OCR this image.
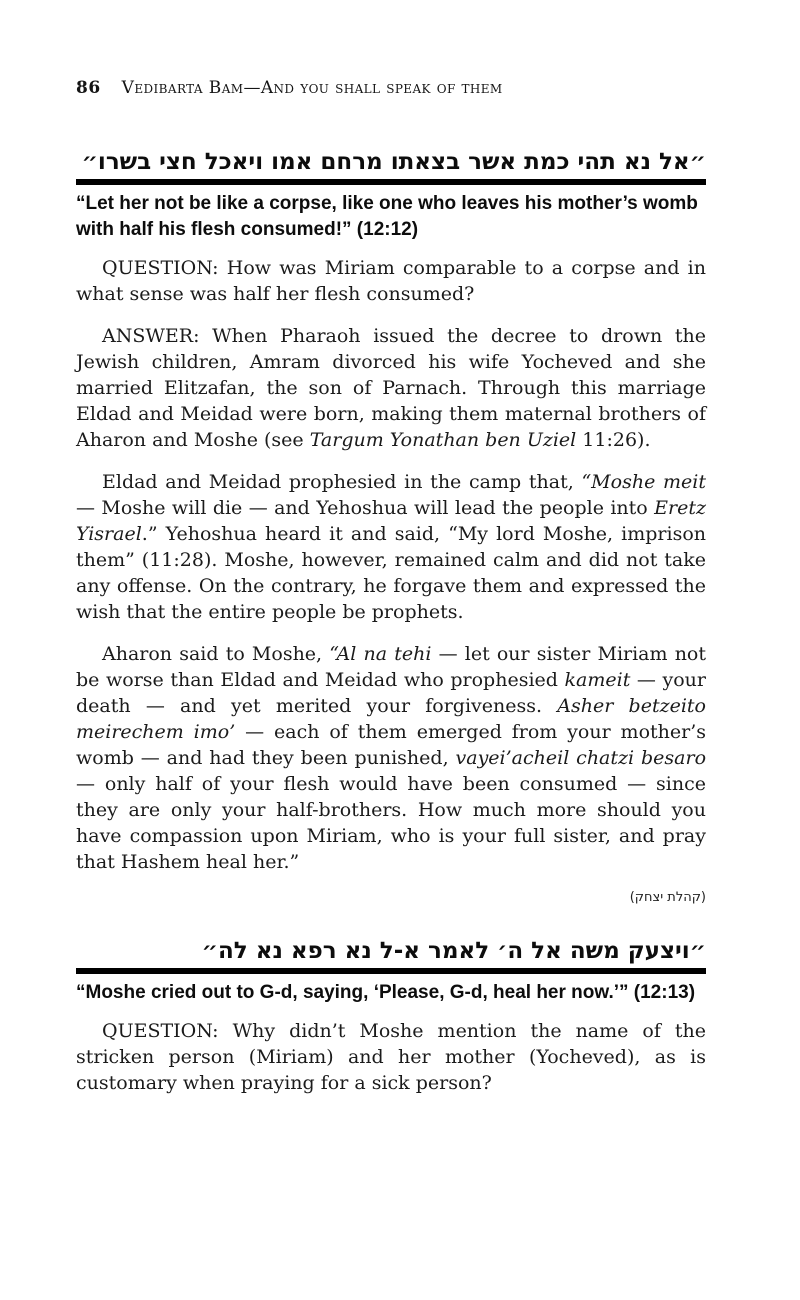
86 Vedibarta Bam—And you shall speak of them
״אל נא תהי כמת אשר בצאתו מרחם אמו ויאכל חצי בשרו״
“Let her not be like a corpse, like one who leaves his mother’s womb with half his flesh consumed!” (12:12)

QUESTION: How was Miriam comparable to a corpse and in what sense was half her flesh consumed?

ANSWER: When Pharaoh issued the decree to drown the Jewish children, Amram divorced his wife Yocheved and she married Elitzafan, the son of Parnach. Through this marriage Eldad and Meidad were born, making them maternal brothers of Aharon and Moshe (see Targum Yonathan ben Uziel 11:26).

Eldad and Meidad prophesied in the camp that, “Moshe meit — Moshe will die — and Yehoshua will lead the people into Eretz Yisrael.” Yehoshua heard it and said, “My lord Moshe, imprison them” (11:28). Moshe, however, remained calm and did not take any offense. On the contrary, he forgave them and expressed the wish that the entire people be prophets.

Aharon said to Moshe, “Al na tehi — let our sister Miriam not be worse than Eldad and Meidad who prophesied kameit — your death — and yet merited your forgiveness. Asher betzeito meirechem imo’ — each of them emerged from your mother’s womb — and had they been punished, vayei’acheil chatzi besaro — only half of your flesh would have been consumed — since they are only your half-brothers. How much more should you have compassion upon Miriam, who is your full sister, and pray that Hashem heal her.”

(קהלת יצחק)
״ויצעק משה אל ה׳ לאמר א-ל נא רפא נא לה״
“Moshe cried out to G-d, saying, ‘Please, G-d, heal her now.’” (12:13)

QUESTION: Why didn’t Moshe mention the name of the stricken person (Miriam) and her mother (Yocheved), as is customary when praying for a sick person?
